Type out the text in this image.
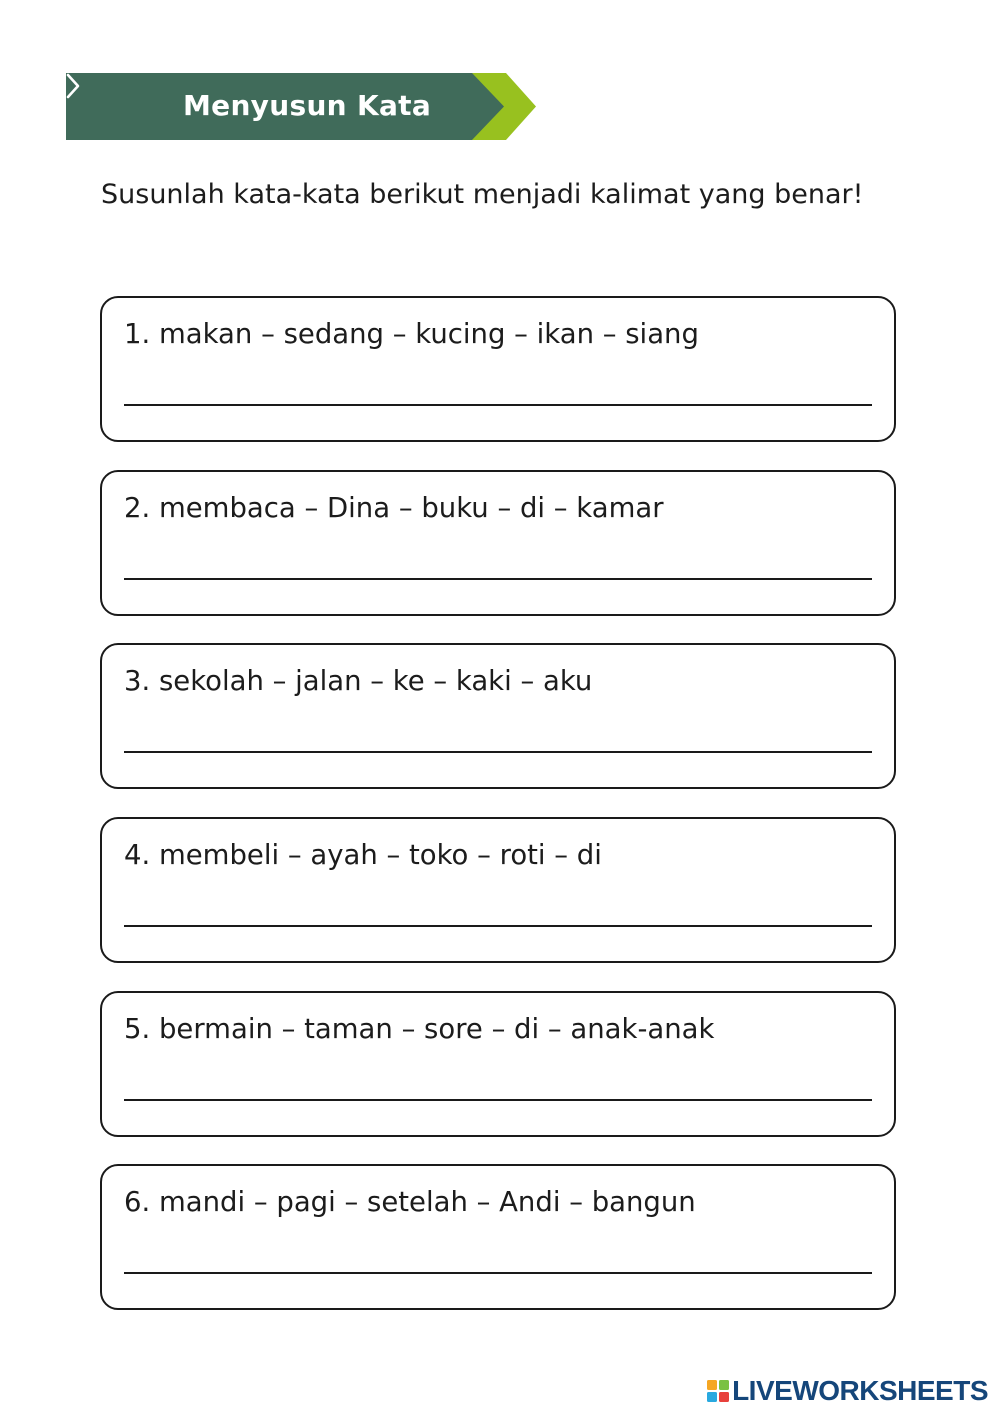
Menyusun Kata
Susunlah kata-kata berikut menjadi kalimat yang benar!
1. makan – sedang – kucing – ikan – siang
2. membaca – Dina – buku – di – kamar
3. sekolah – jalan – ke – kaki – aku
4. membeli – ayah – toko – roti – di
5. bermain – taman – sore – di – anak-anak
6. mandi – pagi – setelah – Andi – bangun
LIVEWORKSHEETS
